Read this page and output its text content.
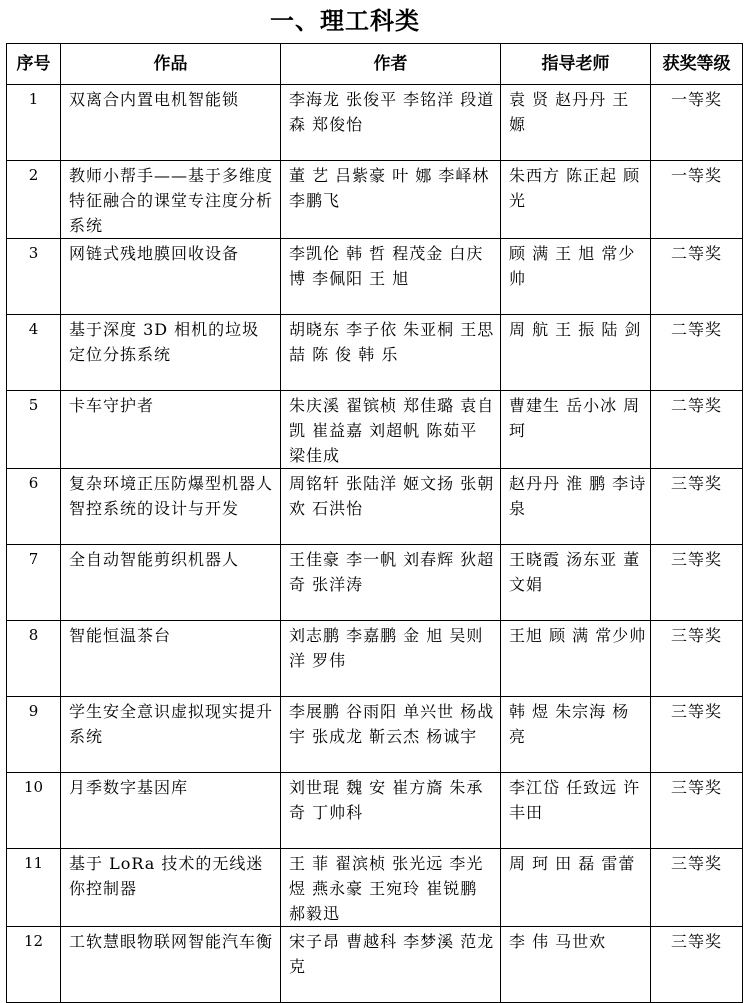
一、理工科类
序号	作品	作者	指导老师	获奖等级
1	双离合内置电机智能锁	李海龙 张俊平 李铭洋 段道森 郑俊怡	袁 贤 赵丹丹 王 嫄	一等奖
2	教师小帮手——基于多维度特征融合的课堂专注度分析系统	董 艺 吕紫豪 叶 娜 李峄林 李鹏飞	朱西方 陈正起 顾 光	一等奖
3	网链式残地膜回收设备	李凯伦 韩 哲 程茂金 白庆博 李佩阳 王 旭	顾 满 王 旭 常少帅	二等奖
4	基于深度 3D 相机的垃圾定位分拣系统	胡晓东 李子依 朱亚桐 王思喆 陈 俊 韩 乐	周 航 王 振 陆 剑	二等奖
5	卡车守护者	朱庆溪 翟镔桢 郑佳璐 袁自凯 崔益嘉 刘超帆 陈茹平 梁佳成	曹建生 岳小冰 周 珂	二等奖
6	复杂环境正压防爆型机器人智控系统的设计与开发	周铭轩 张陆洋 姬文扬 张朝欢 石洪怡	赵丹丹 淮 鹏 李诗泉	三等奖
7	全自动智能剪织机器人	王佳豪 李一帆 刘春辉 狄超奇 张洋涛	王晓霞 汤东亚 董文娟	三等奖
8	智能恒温茶台	刘志鹏 李嘉鹏 金 旭 吴则洋 罗伟	王旭 顾 满 常少帅	三等奖
9	学生安全意识虚拟现实提升系统	李展鹏 谷雨阳 单兴世 杨战宇 张成龙 靳云杰 杨诚宇	韩 煜 朱宗海 杨 亮	三等奖
10	月季数字基因库	刘世琨 魏 安 崔方旖 朱承奇 丁帅科	李江岱 任致远 许丰田	三等奖
11	基于 LoRa 技术的无线迷你控制器	王 菲 翟滨桢 张光远 李光煜 燕永豪 王宛玲 崔锐鹏 郝毅迅	周 珂 田 磊 雷蕾	三等奖
12	工软慧眼物联网智能汽车衡	宋子昂 曹越科 李梦溪 范龙克	李 伟 马世欢	三等奖
